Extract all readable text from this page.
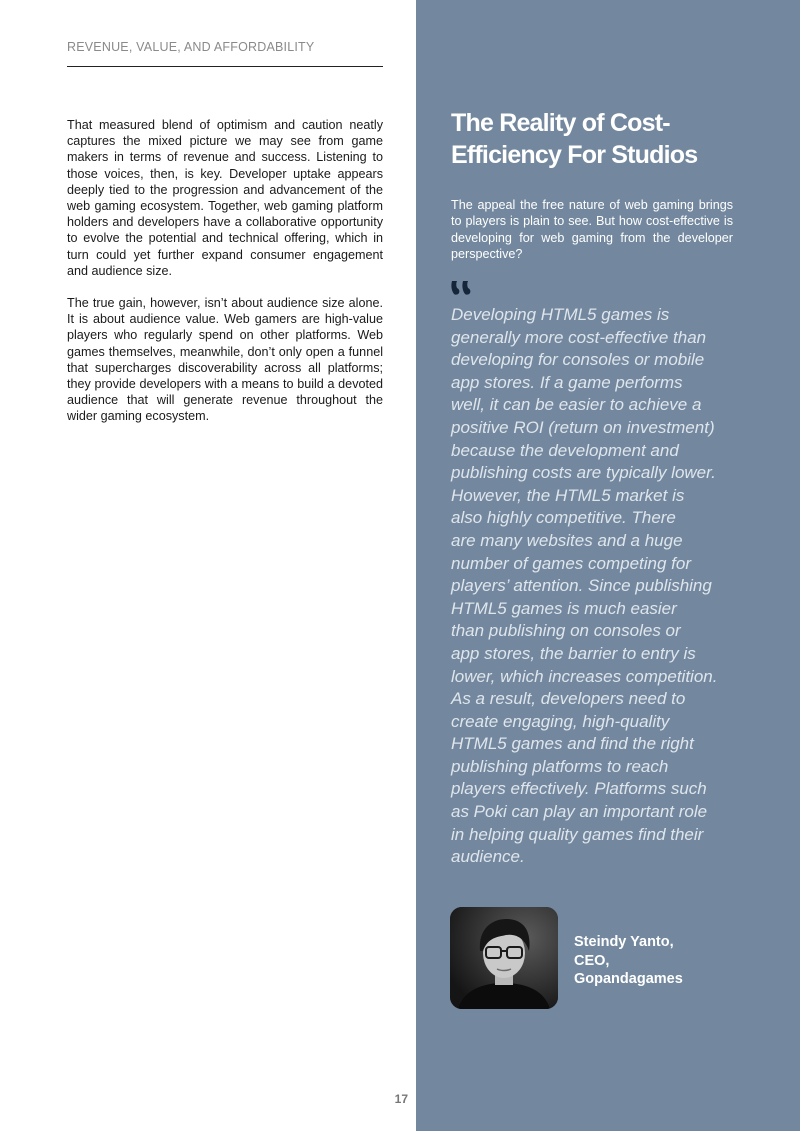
REVENUE, VALUE, AND AFFORDABILITY

That measured blend of optimism and caution neatly captures the mixed picture we may see from game makers in terms of revenue and success. Listening to those voices, then, is key. Developer uptake appears deeply tied to the progression and advancement of the web gaming ecosystem. Together, web gaming platform holders and developers have a collaborative opportunity to evolve the potential and technical offering, which in turn could yet further expand consumer engagement and audience size.

The true gain, however, isn’t about audience size alone. It is about audience value. Web gamers are high-value players who regularly spend on other platforms. Web games themselves, meanwhile, don’t only open a funnel that supercharges discoverability across all platforms; they provide developers with a means to build a devoted audience that will generate revenue throughout the wider gaming ecosystem.

17
The Reality of Cost-Efficiency For Studios
The appeal the free nature of web gaming brings to players is plain to see. But how cost-effective is developing for web gaming from the developer perspective?
Developing HTML5 games is
generally more cost-effective than
developing for consoles or mobile
app stores. If a game performs
well, it can be easier to achieve a
positive ROI (return on investment)
because the development and
publishing costs are typically lower.
However, the HTML5 market is
also highly competitive. There
are many websites and a huge
number of games competing for
players’ attention. Since publishing
HTML5 games is much easier
than publishing on consoles or
app stores, the barrier to entry is
lower, which increases competition.
As a result, developers need to
create engaging, high-quality
HTML5 games and find the right
publishing platforms to reach
players effectively. Platforms such
as Poki can play an important role
in helping quality games find their
audience.
Steindy Yanto,
CEO,
Gopandagames
